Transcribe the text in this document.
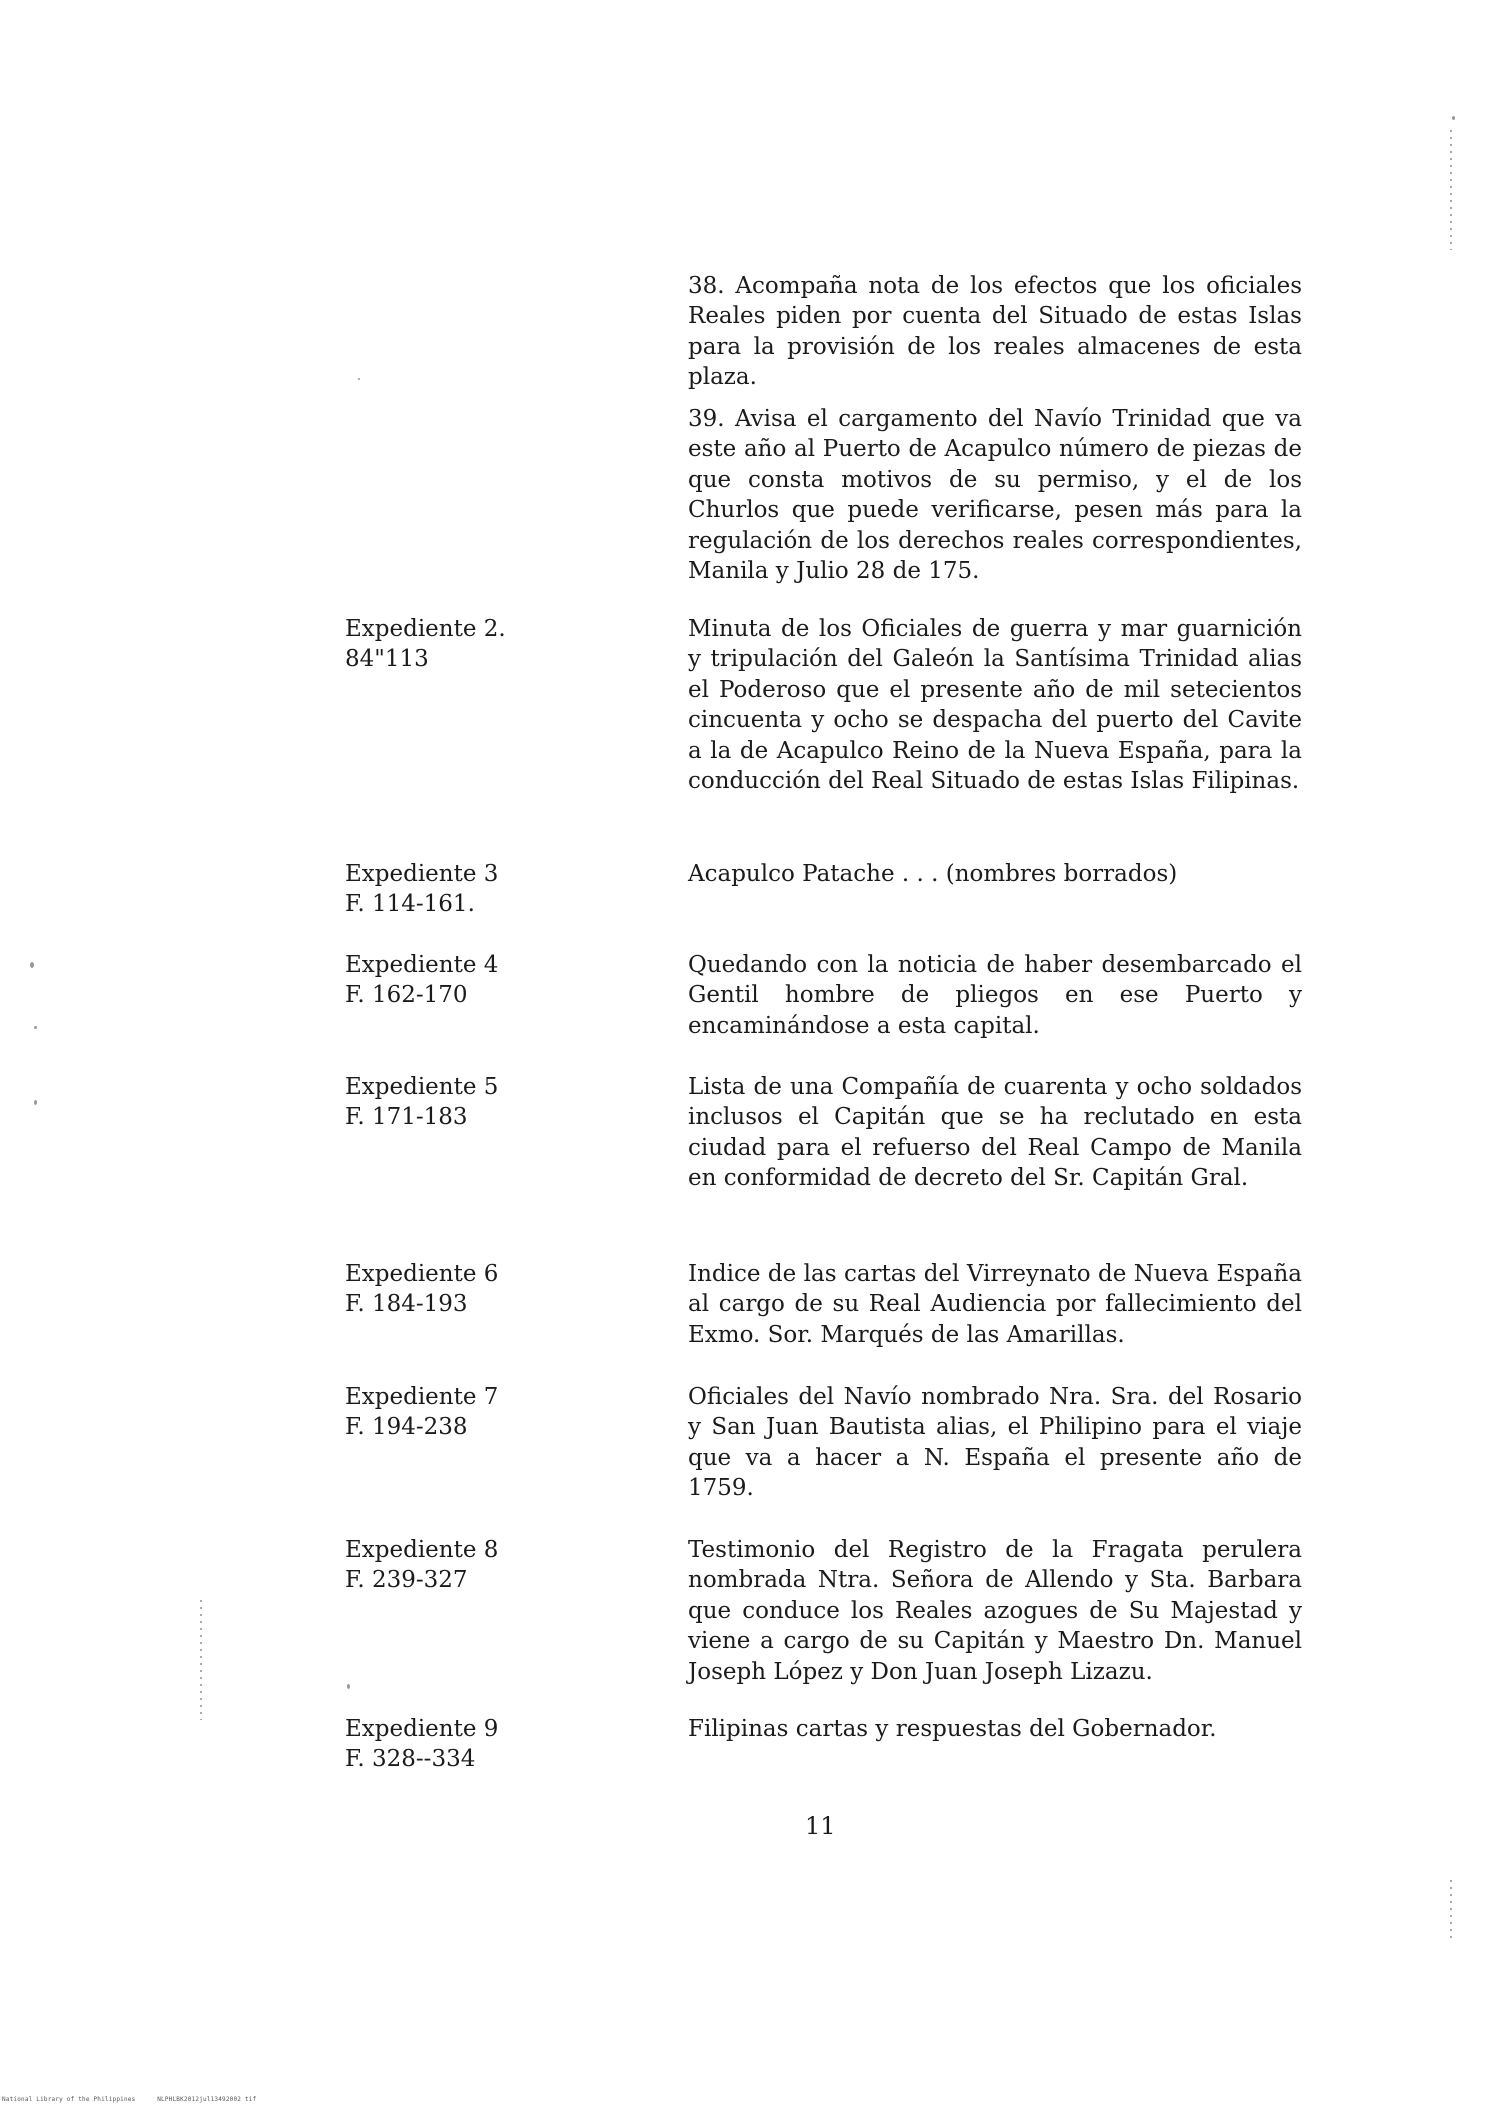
38. Acompaña nota de los efectos que los oficiales Reales piden por cuenta del Situado de estas Islas para la provisión de los reales almacenes de esta plaza.

39. Avisa el cargamento del Navío Trinidad que va este año al Puerto de Acapulco número de piezas de que consta motivos de su permiso, y el de los Churlos que puede verificarse, pesen más para la regulación de los derechos reales correspondientes, Manila y Julio 28 de 175.

Expediente 2.
84"113

Minuta de los Oficiales de guerra y mar guarnición y tripulación del Galeón la Santísima Trinidad alias el Poderoso que el presente año de mil setecientos cincuenta y ocho se despacha del puerto del Cavite a la de Acapulco Reino de la Nueva España, para la conducción del Real Situado de estas Islas Filipinas.

Expediente 3
F. 114-161.

Acapulco Patache . . . (nombres borrados)

Expediente 4
F. 162-170

Quedando con la noticia de haber desembarcado el Gentil hombre de pliegos en ese Puerto y encaminándose a esta capital.

Expediente 5
F. 171-183

Lista de una Compañía de cuarenta y ocho soldados inclusos el Capitán que se ha reclutado en esta ciudad para el refuerso del Real Campo de Manila en conformidad de decreto del Sr. Capitán Gral.

Expediente 6
F. 184-193

Indice de las cartas del Virreynato de Nueva España al cargo de su Real Audiencia por fallecimiento del Exmo. Sor. Marqués de las Amarillas.

Expediente 7
F. 194-238

Oficiales del Navío nombrado Nra. Sra. del Rosario y San Juan Bautista alias, el Philipino para el viaje que va a hacer a N. España el presente año de 1759.

Expediente 8
F. 239-327

Testimonio del Registro de la Fragata perulera nombrada Ntra. Señora de Allendo y Sta. Barbara que conduce los Reales azogues de Su Majestad y viene a cargo de su Capitán y Maestro Dn. Manuel Joseph López y Don Juan Joseph Lizazu.

Expediente 9
F. 328--334

Filipinas cartas y respuestas del Gobernador.

11
National Library of the Philippines	NLPHLBK2012jul13492002 tif
